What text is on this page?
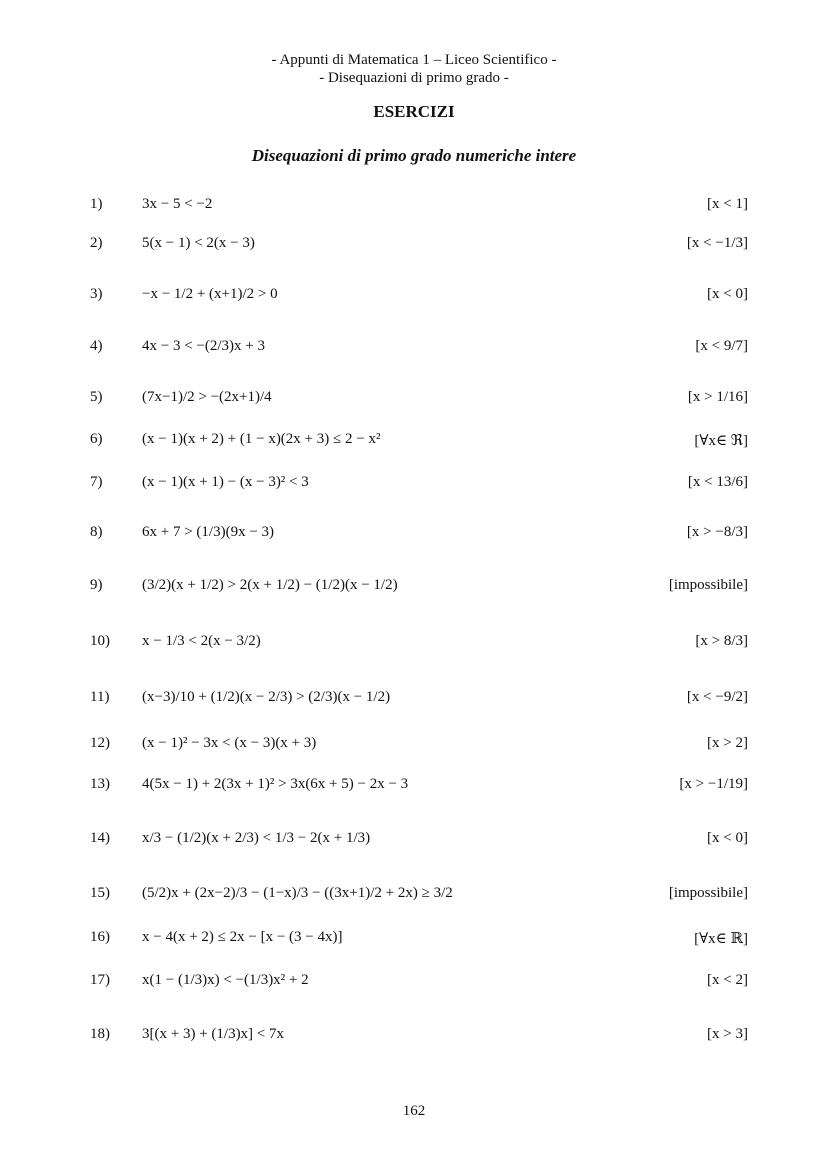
- Appunti di Matematica 1 – Liceo Scientifico -
- Disequazioni di primo grado -
ESERCIZI
Disequazioni di primo grado numeriche intere
1)	3x − 5 < −2	[x < 1]
2)	5(x − 1) < 2(x − 3)	[x < −1/3]
3)	−x − 1/2 + (x+1)/2 > 0	[x < 0]
4)	4x − 3 < −(2/3)x + 3	[x < 9/7]
5)	(7x−1)/2 > −(2x+1)/4	[x > 1/16]
6)	(x − 1)(x + 2) + (1 − x)(2x + 3) ≤ 2 − x²	[∀x∈ ℜ]
7)	(x − 1)(x + 1) − (x − 3)² < 3	[x < 13/6]
8)	6x + 7 > (1/3)(9x − 3)	[x > −8/3]
9)	(3/2)(x + 1/2) > 2(x + 1/2) − (1/2)(x − 1/2)	[impossibile]
10) x − 1/3 < 2(x − 3/2)	[x > 8/3]
11) (x−3)/10 + (1/2)(x − 2/3) > (2/3)(x − 1/2)	[x < −9/2]
12) (x − 1)² − 3x < (x − 3)(x + 3)	[x > 2]
13) 4(5x − 1) + 2(3x + 1)² > 3x(6x + 5) − 2x − 3	[x > −1/19]
14) x/3 − (1/2)(x + 2/3) < 1/3 − 2(x + 1/3)	[x < 0]
15) (5/2)x + (2x−2)/3 − (1−x)/3 − ((3x+1)/2 + 2x) ≥ 3/2	[impossibile]
16) x − 4(x + 2) ≤ 2x − [x − (3 − 4x)]	[∀x∈ ℝ]
17) x(1 − (1/3)x) < −(1/3)x² + 2	[x < 2]
18) 3[(x + 3) + (1/3)x] < 7x	[x > 3]
162
